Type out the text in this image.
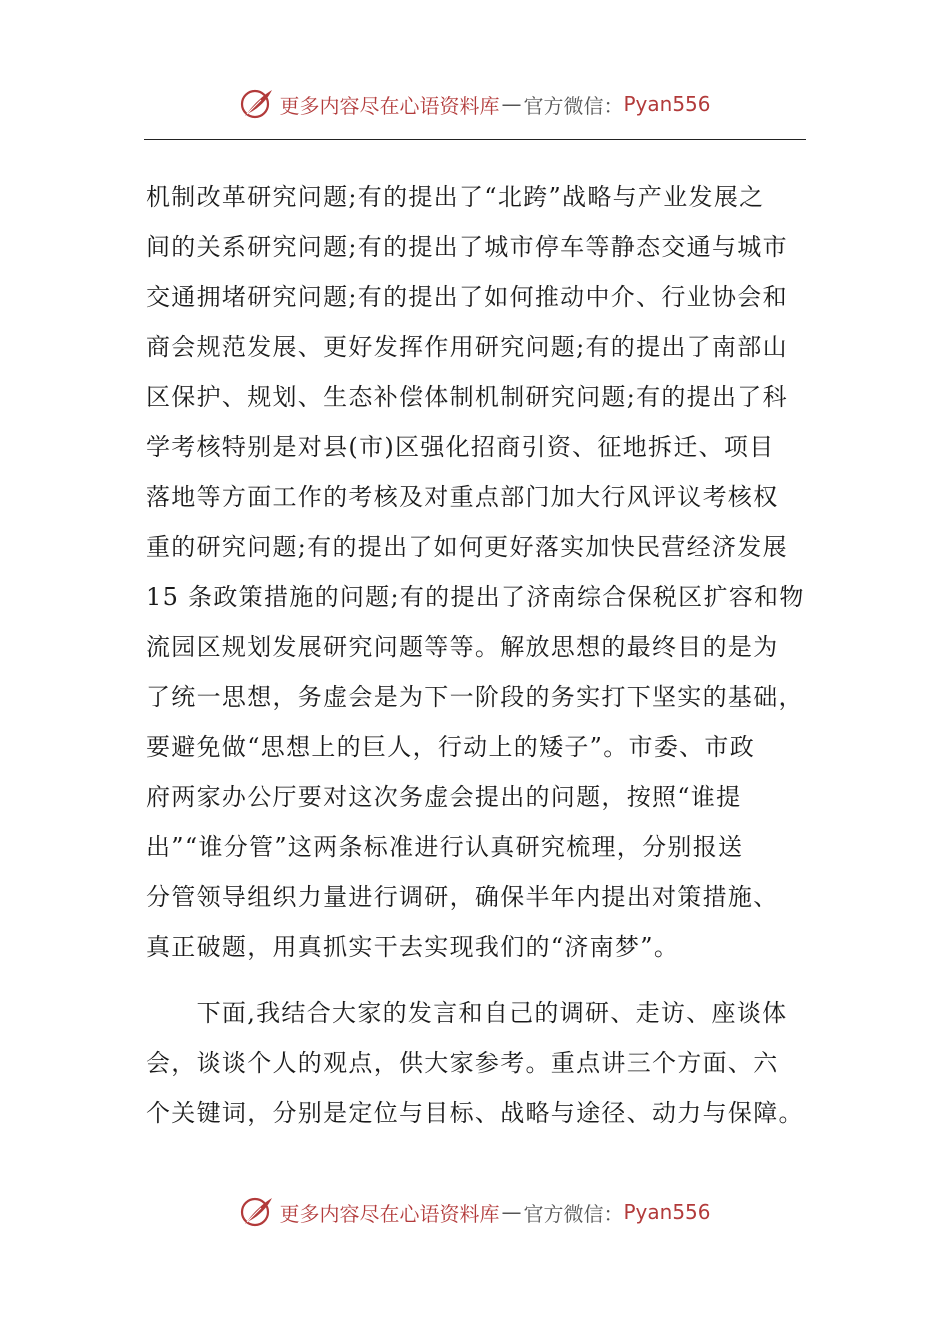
更多内容尽在心语资料库 — 官方微信： Pyan556
机制改革研究问题;有的提出了“北跨”战略与产业发展之
间的关系研究问题;有的提出了城市停车等静态交通与城市
交通拥堵研究问题;有的提出了如何推动中介、行业协会和
商会规范发展、更好发挥作用研究问题;有的提出了南部山
区保护、规划、生态补偿体制机制研究问题;有的提出了科
学考核特别是对县(市)区强化招商引资、征地拆迁、项目
落地等方面工作的考核及对重点部门加大行风评议考核权
重的研究问题;有的提出了如何更好落实加快民营经济发展
15 条政策措施的问题;有的提出了济南综合保税区扩容和物
流园区规划发展研究问题等等。解放思想的最终目的是为
了统一思想，务虚会是为下一阶段的务实打下坚实的基础，
要避免做“思想上的巨人，行动上的矮子”。市委、市政
府两家办公厅要对这次务虚会提出的问题，按照“谁提
出”“谁分管”这两条标准进行认真研究梳理，分别报送
分管领导组织力量进行调研，确保半年内提出对策措施、
真正破题，用真抓实干去实现我们的“济南梦”。
　　下面,我结合大家的发言和自己的调研、走访、座谈体
会，谈谈个人的观点，供大家参考。重点讲三个方面、六
个关键词，分别是定位与目标、战略与途径、动力与保障。
更多内容尽在心语资料库 — 官方微信： Pyan556
